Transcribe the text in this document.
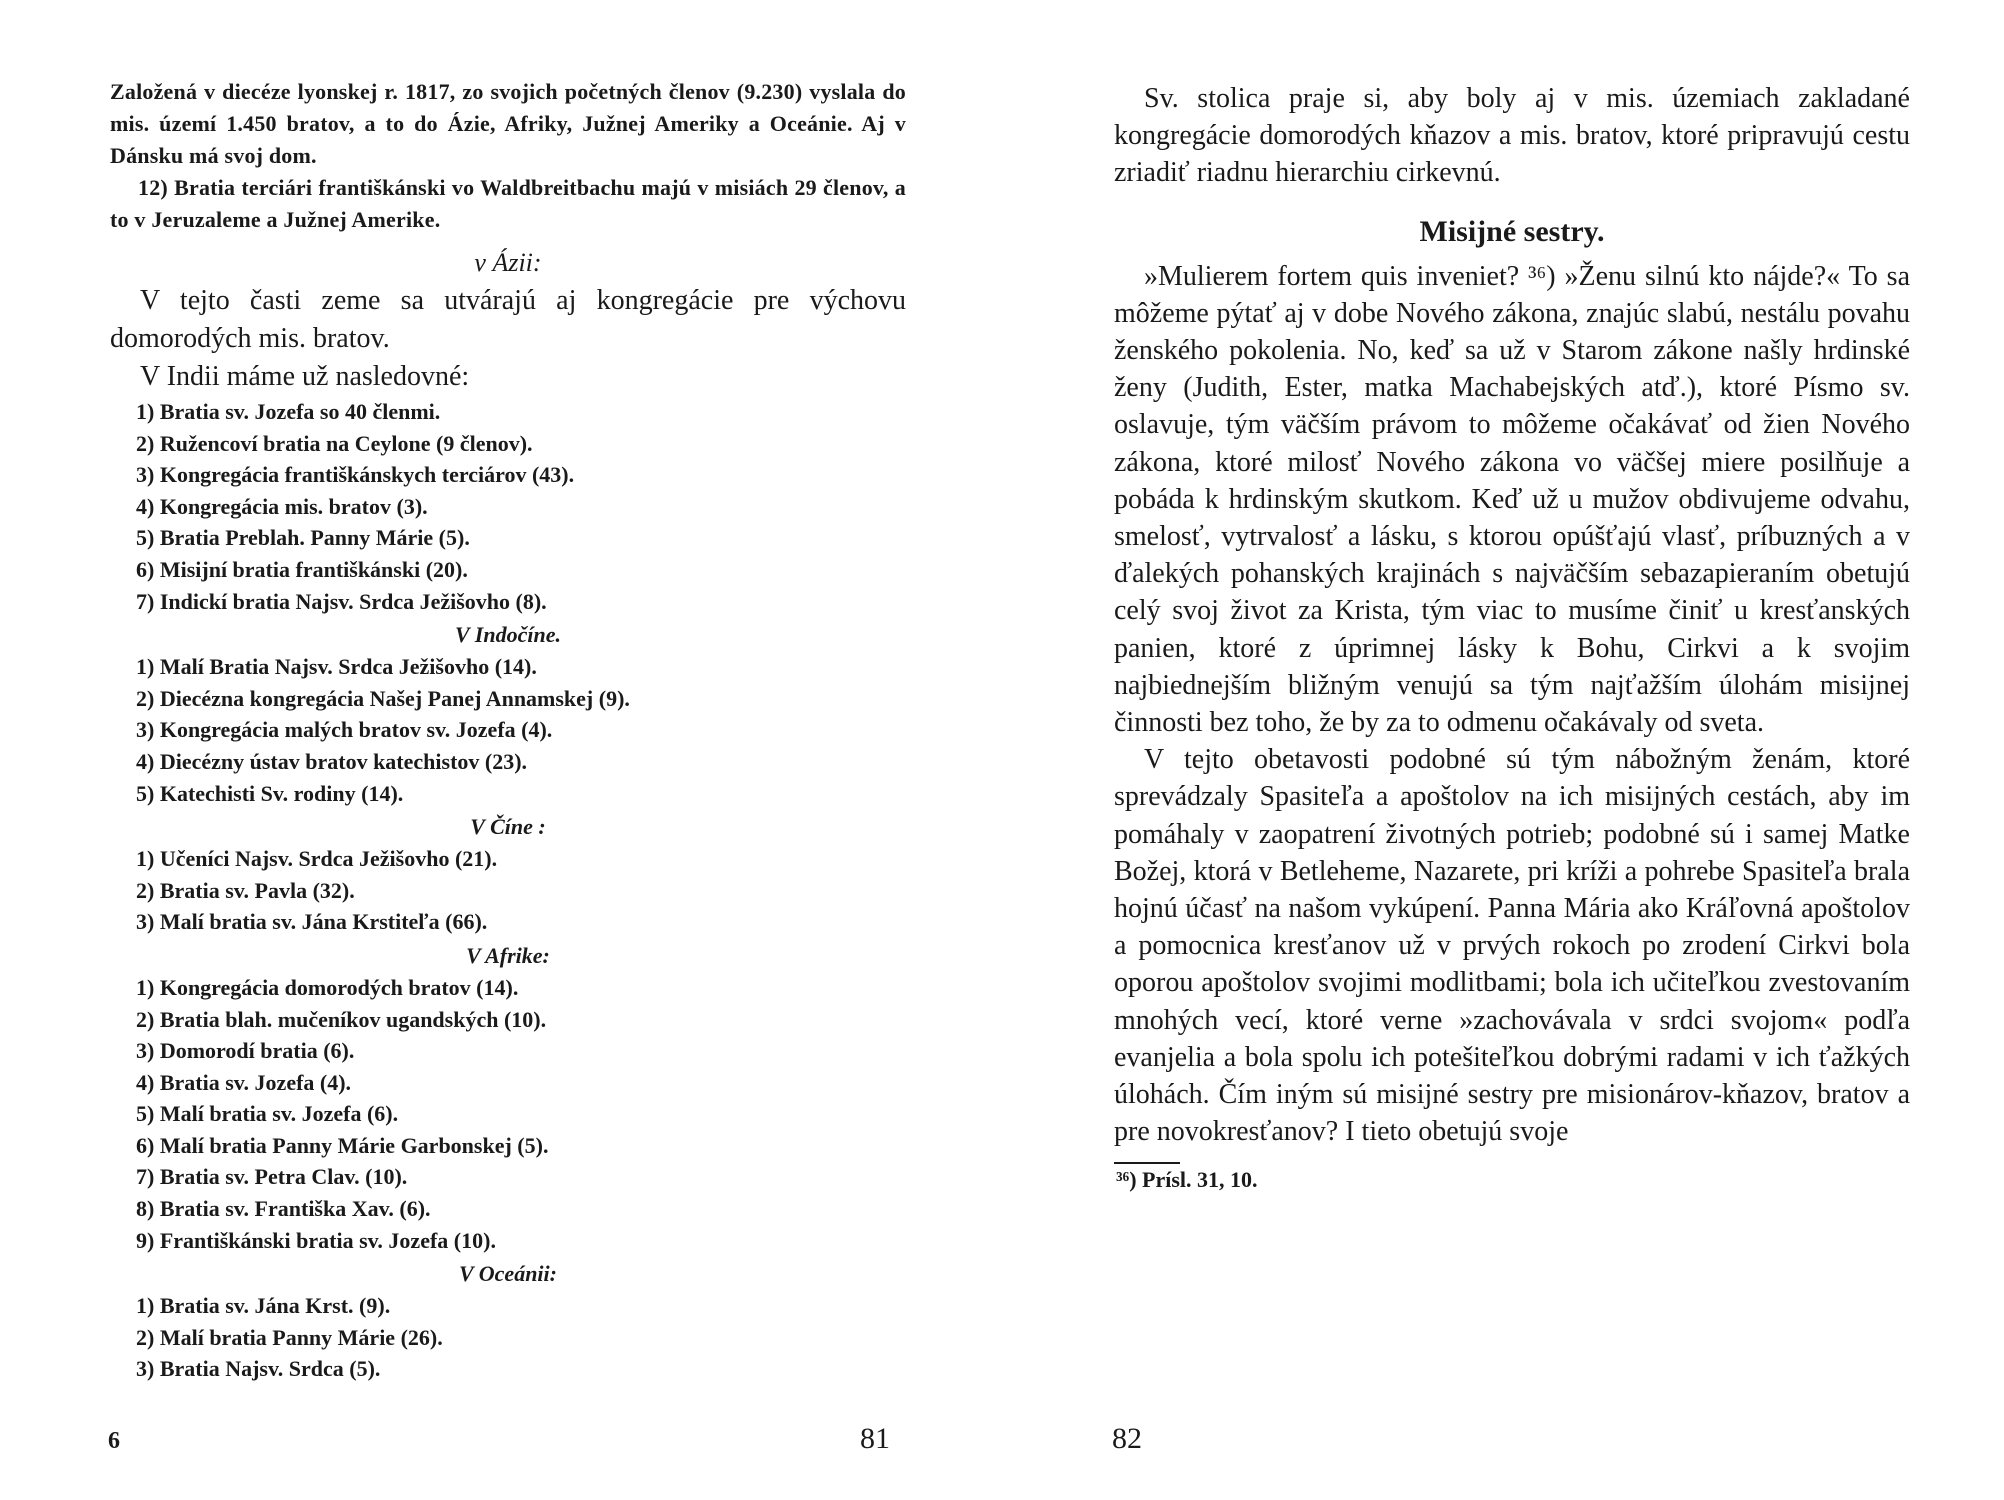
Založená v diecéze lyonskej r. 1817, zo svojich početných členov (9.230) vyslala do mis. území 1.450 bratov, a to do Ázie, Afriky, Južnej Ameriky a Oceánie. Aj v Dánsku má svoj dom.

12) Bratia terciári františkánski vo Waldbreitbachu majú v misiách 29 členov, a to v Jeruzaleme a Južnej Amerike.

v Ázii:

V tejto časti zeme sa utvárajú aj kongregácie pre výchovu domorodých mis. bratov.

V Indii máme už nasledovné:

1) Bratia sv. Jozefa so 40 členmi.
2) Ružencoví bratia na Ceylone (9 členov).
3) Kongregácia františkánskych terciárov (43).
4) Kongregácia mis. bratov (3).
5) Bratia Preblah. Panny Márie (5).
6) Misijní bratia františkánski (20).
7) Indickí bratia Najsv. Srdca Ježišovho (8).
V Indočíne.
1) Malí Bratia Najsv. Srdca Ježišovho (14).
2) Diecézna kongregácia Našej Panej Annamskej (9).
3) Kongregácia malých bratov sv. Jozefa (4).
4) Diecézny ústav bratov katechistov (23).
5) Katechisti Sv. rodiny (14).
V Číne :
1) Učeníci Najsv. Srdca Ježišovho (21).
2) Bratia sv. Pavla (32).
3) Malí bratia sv. Jána Krstiteľa (66).
V Afrike:
1) Kongregácia domorodých bratov (14).
2) Bratia blah. mučeníkov ugandských (10).
3) Domorodí bratia (6).
4) Bratia sv. Jozefa (4).
5) Malí bratia sv. Jozefa (6).
6) Malí bratia Panny Márie Garbonskej (5).
7) Bratia sv. Petra Clav. (10).
8) Bratia sv. Františka Xav. (6).
9) Františkánski bratia sv. Jozefa (10).
V Oceánii:
1) Bratia sv. Jána Krst. (9).
2) Malí bratia Panny Márie (26).
3) Bratia Najsv. Srdca (5).
6	81

Sv. stolica praje si, aby boly aj v mis. územiach zakladané kongregácie domorodých kňazov a mis. bratov, ktoré pripravujú cestu zriadiť riadnu hierarchiu cirkevnú.

Misijné sestry.

»Mulierem fortem quis inveniet? ³⁶) »Ženu silnú kto nájde?« To sa môžeme pýtať aj v dobe Nového zákona, znajúc slabú, nestálu povahu ženského pokolenia. No, keď sa už v Starom zákone našly hrdinské ženy (Judith, Ester, matka Machabejských atď.), ktoré Písmo sv. oslavuje, tým väčším právom to môžeme očakávať od žien Nového zákona, ktoré milosť Nového zákona vo väčšej miere posilňuje a pobáda k hrdinským skutkom. Keď už u mužov obdivujeme odvahu, smelosť, vytrvalosť a lásku, s ktorou opúšťajú vlasť, príbuzných a v ďalekých pohanských krajinách s najväčším sebazapieraním obetujú celý svoj život za Krista, tým viac to musíme činiť u kresťanských panien, ktoré z úprimnej lásky k Bohu, Cirkvi a k svojim najbiednejším bližným venujú sa tým najťažším úlohám misijnej činnosti bez toho, že by za to odmenu očakávaly od sveta.

V tejto obetavosti podobné sú tým nábožným ženám, ktoré sprevádzaly Spasiteľa a apoštolov na ich misijných cestách, aby im pomáhaly v zaopatrení životných potrieb; podobné sú i samej Matke Božej, ktorá v Betleheme, Nazarete, pri kríži a pohrebe Spasiteľa brala hojnú účasť na našom vykúpení. Panna Mária ako Kráľovná apoštolov a pomocnica kresťanov už v prvých rokoch po zrodení Cirkvi bola oporou apoštolov svojimi modlitbami; bola ich učiteľkou zvestovaním mnohých vecí, ktoré verne »zachovávala v srdci svojom« podľa evanjelia a bola spolu ich potešiteľkou dobrými radami v ich ťažkých úlohách. Čím iným sú misijné sestry pre misionárov-kňazov, bratov a pre novokresťanov? I tieto obetujú svoje

³⁶) Prísl. 31, 10.
82
